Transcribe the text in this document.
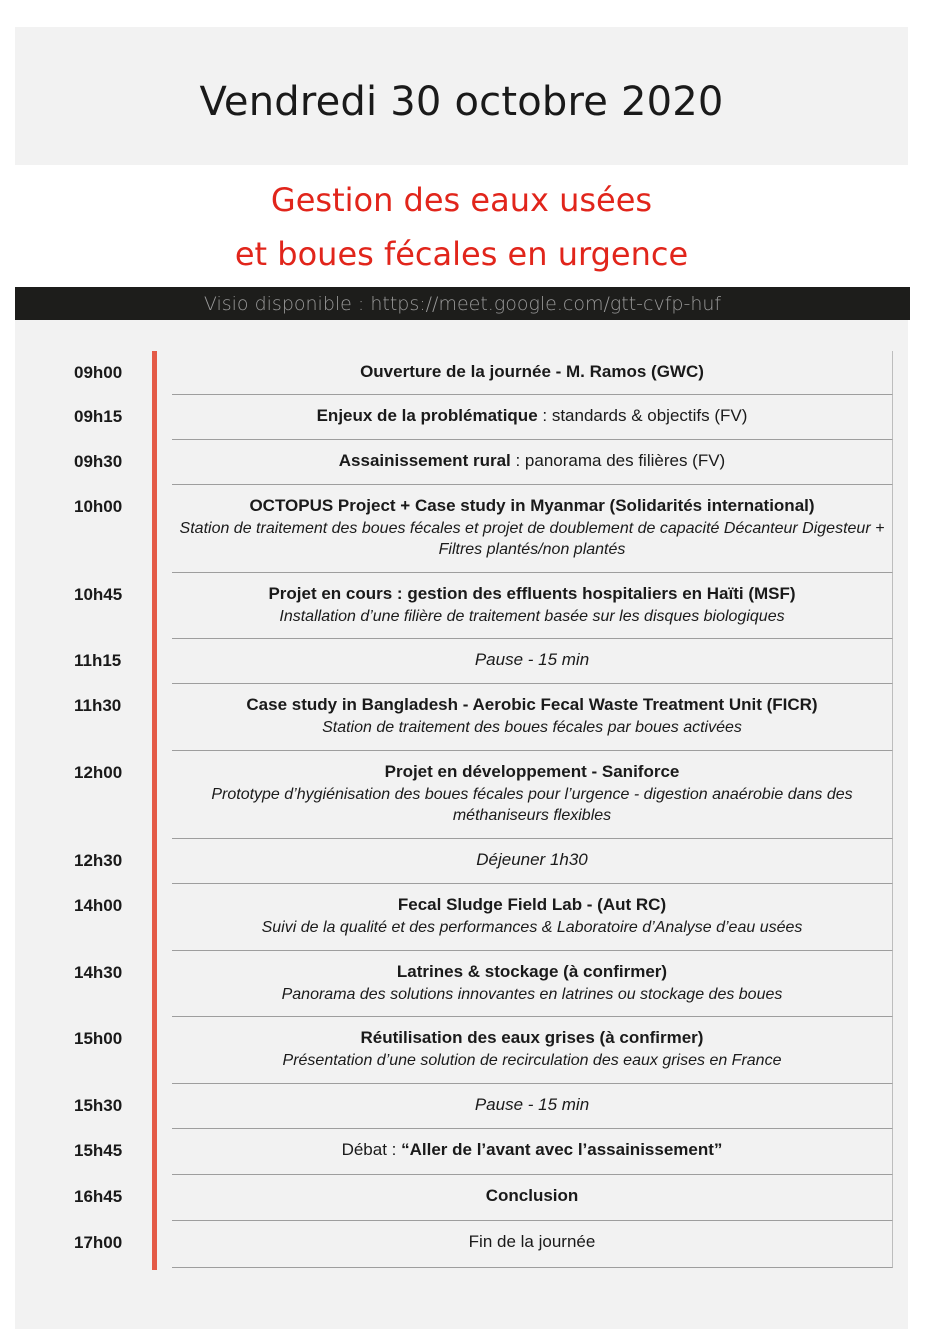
Vendredi 30 octobre 2020
Gestion des eaux usées
et boues fécales en urgence
Visio disponible : https://meet.google.com/gtt-cvfp-huf
09h00	Ouverture de la journée - M. Ramos (GWC)
09h15	Enjeux de la problématique : standards & objectifs (FV)
09h30	Assainissement rural : panorama des filières (FV)
10h00	OCTOPUS Project + Case study in Myanmar (Solidarités international)
Station de traitement des boues fécales et projet de doublement de capacité Décanteur Digesteur + Filtres plantés/non plantés
10h45	Projet en cours : gestion des effluents hospitaliers en Haïti (MSF)
Installation d’une filière de traitement basée sur les disques biologiques
11h15	Pause - 15 min
11h30	Case study in Bangladesh - Aerobic Fecal Waste Treatment Unit (FICR)
Station de traitement des boues fécales par boues activées
12h00	Projet en développement - Saniforce
Prototype d’hygiénisation des boues fécales pour l’urgence - digestion anaérobie dans des méthaniseurs flexibles
12h30	Déjeuner 1h30
14h00	Fecal Sludge Field Lab - (Aut RC)
Suivi de la qualité et des performances & Laboratoire d’Analyse d’eau usées
14h30	Latrines & stockage (à confirmer)
Panorama des solutions innovantes en latrines ou stockage des boues
15h00	Réutilisation des eaux grises (à confirmer)
Présentation d’une solution de recirculation des eaux grises en France
15h30	Pause - 15 min
15h45	Débat : “Aller de l’avant avec l’assainissement”
16h45	Conclusion
17h00	Fin de la journée
